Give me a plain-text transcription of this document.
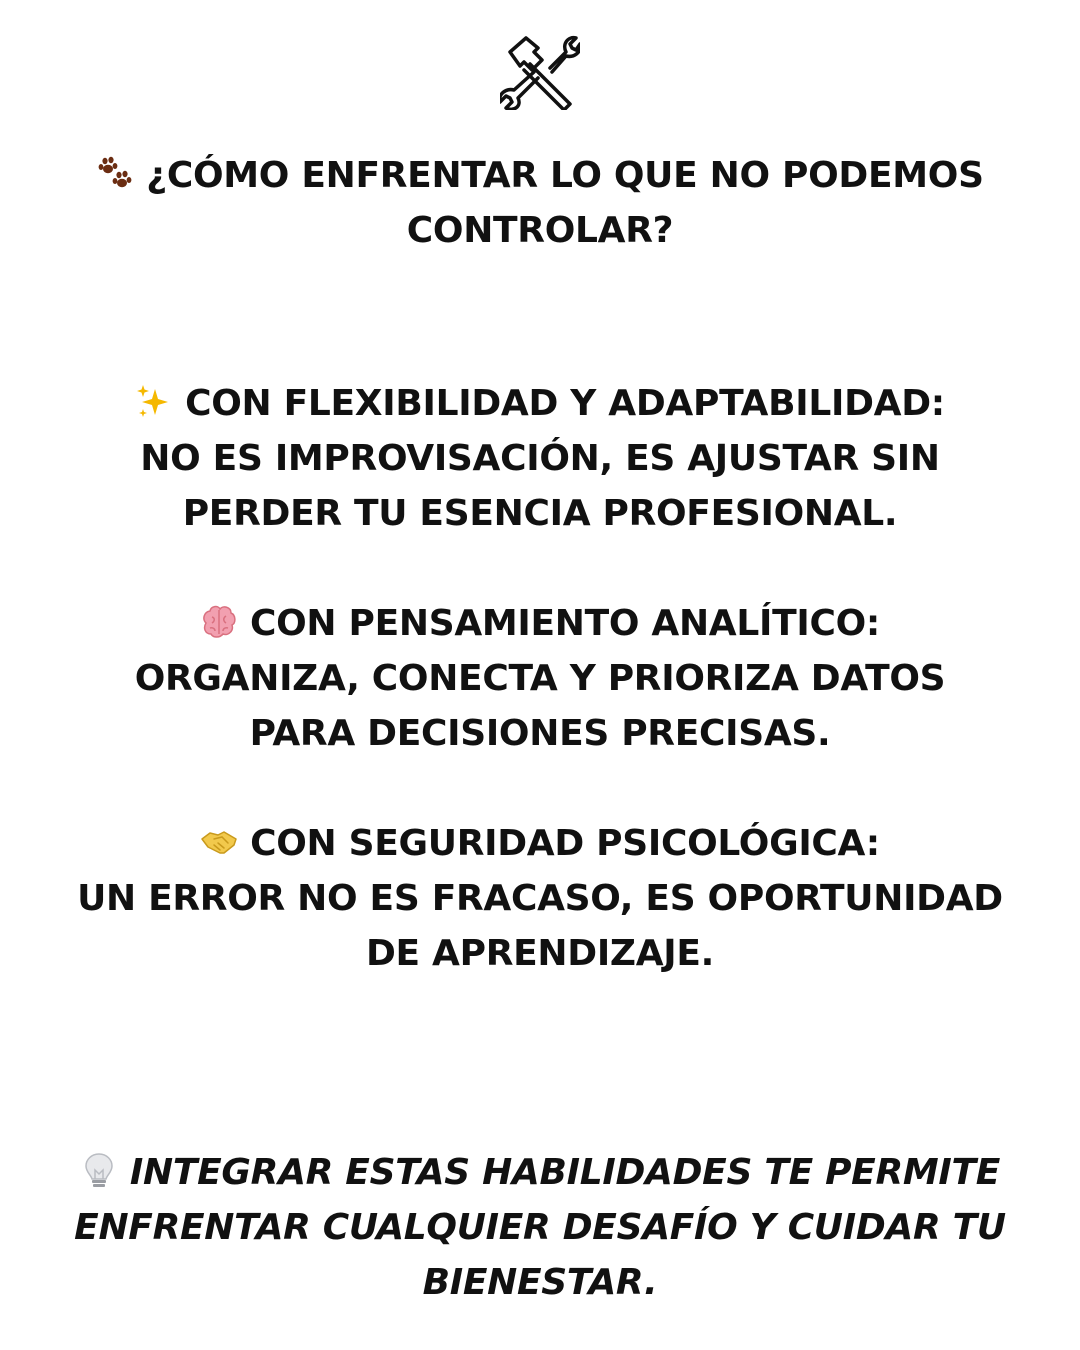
¿CÓMO ENFRENTAR LO QUE NO PODEMOS
CONTROLAR?
CON FLEXIBILIDAD Y ADAPTABILIDAD:
NO ES IMPROVISACIÓN, ES AJUSTAR SIN
PERDER TU ESENCIA PROFESIONAL.
CON PENSAMIENTO ANALÍTICO:
ORGANIZA, CONECTA Y PRIORIZA DATOS
PARA DECISIONES PRECISAS.
CON SEGURIDAD PSICOLÓGICA:
UN ERROR NO ES FRACASO, ES OPORTUNIDAD
DE APRENDIZAJE.
INTEGRAR ESTAS HABILIDADES TE PERMITE
ENFRENTAR CUALQUIER DESAFÍO Y CUIDAR TU
BIENESTAR.
